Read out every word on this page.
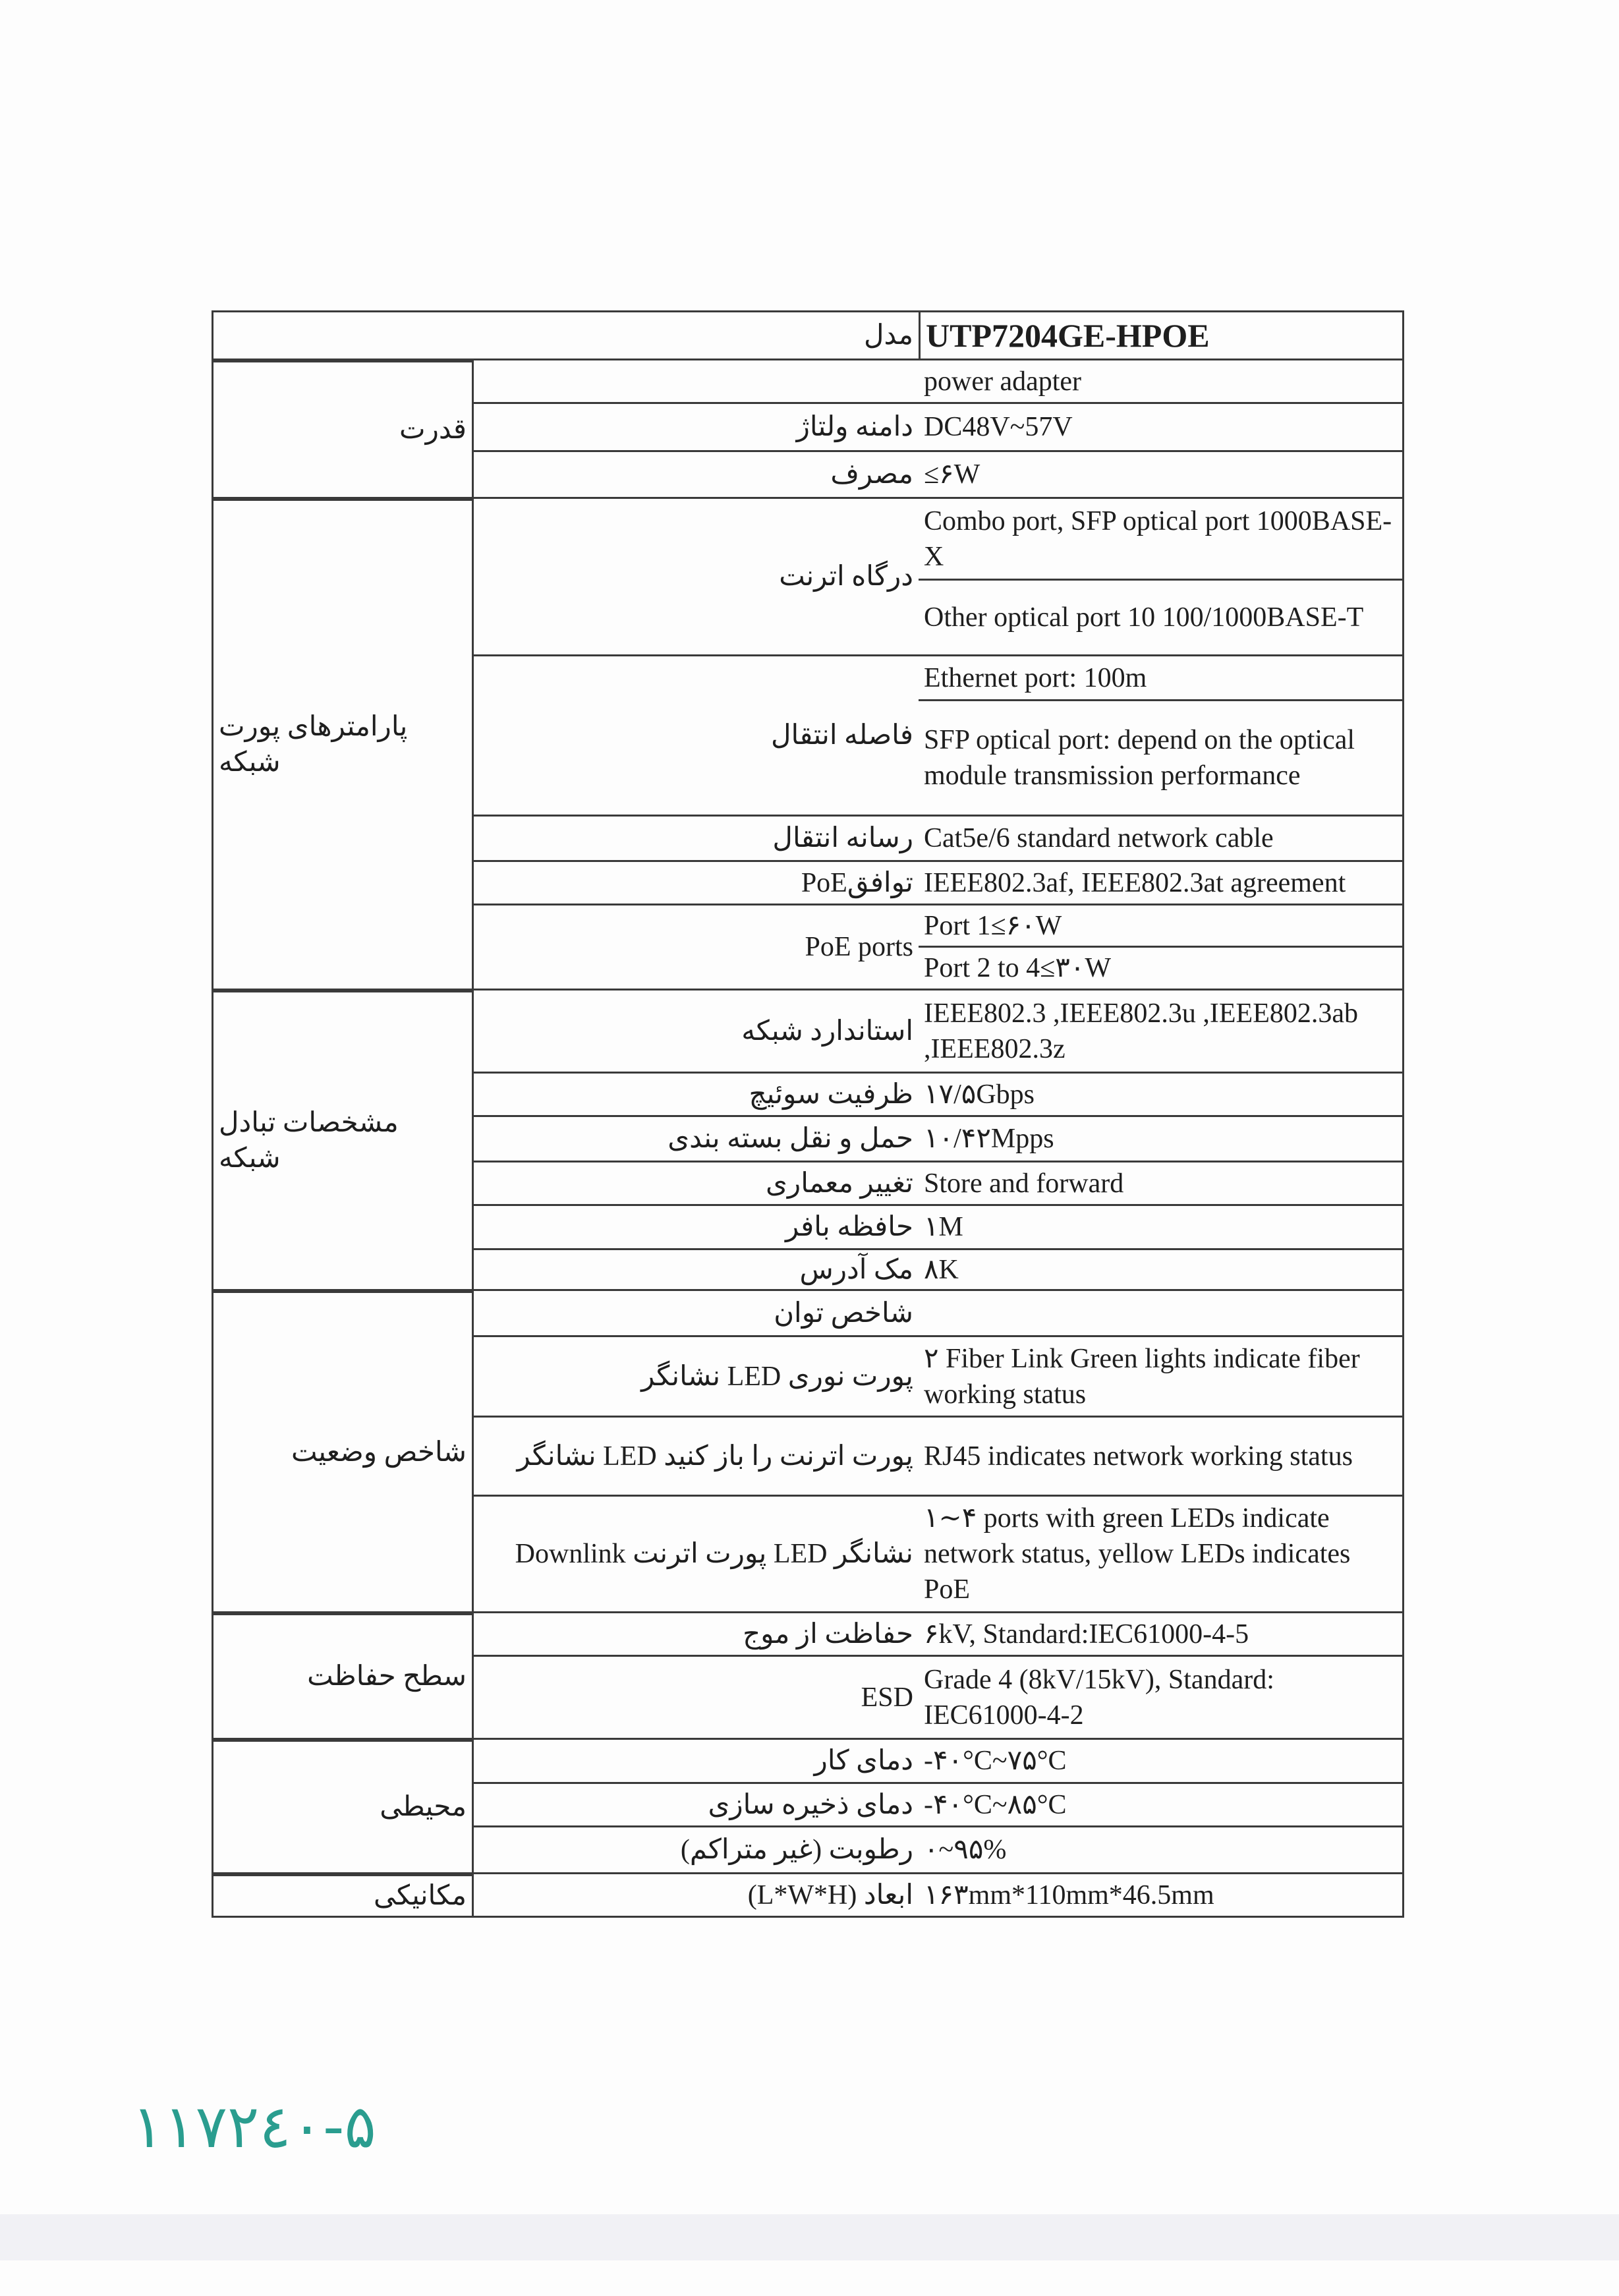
مدل UTP7204GE-HPOE
قدرت
پارامترهای پورت شبکه
مشخصات تبادل شبکه
شاخص وضعیت
سطح حفاظت
محیطی
مکانیکی
power adapter
دامنه ولتاژ DC48V~57V
مصرف ≤۶W
درگاه اترنت
Combo port, SFP optical port 1000BASE-X
Other optical port 10 100/1000BASE-T
فاصله انتقال
Ethernet port: 100m
SFP optical port: depend on the optical module transmission performance
رسانه انتقال Cat5e/6 standard network cable
PoEتوافق IEEE802.3af, IEEE802.3at agreement
PoE ports
Port 1≤۶۰W
Port 2 to 4≤۳۰W
استاندارد شبکه
IEEE802.3 ,IEEE802.3u ,IEEE802.3ab ,IEEE802.3z
ظرفیت سوئیچ ۱۷/۵Gbps
حمل و نقل بسته بندی ۱۰/۴۲Mpps
تغییر معماری Store and forward
حافظه بافر ۱M
مک آدرس ۸K
شاخص توان
پورت نوری LED نشانگر
۲ Fiber Link Green lights indicate fiber working status
پورت اترنت را باز کنید LED نشانگر RJ45 indicates network working status
Downlink پورت اترنت LED نشانگر
۱∼۴ ports with green LEDs indicate network status, yellow LEDs indicates PoE
حفاظت از موج ۶kV, Standard:IEC61000-4-5
ESD
Grade 4 (8kV/15kV), Standard: IEC61000-4-2
دمای کار -۴۰°C~۷۵°C
دمای ذخیره سازی -۴۰°C~۸۵°C
رطوبت (غیر متراکم) ۰~۹۵%
ابعاد (L*W*H) ۱۶۳mm*110mm*46.5mm
۱۱۷۲٤۰-۵
